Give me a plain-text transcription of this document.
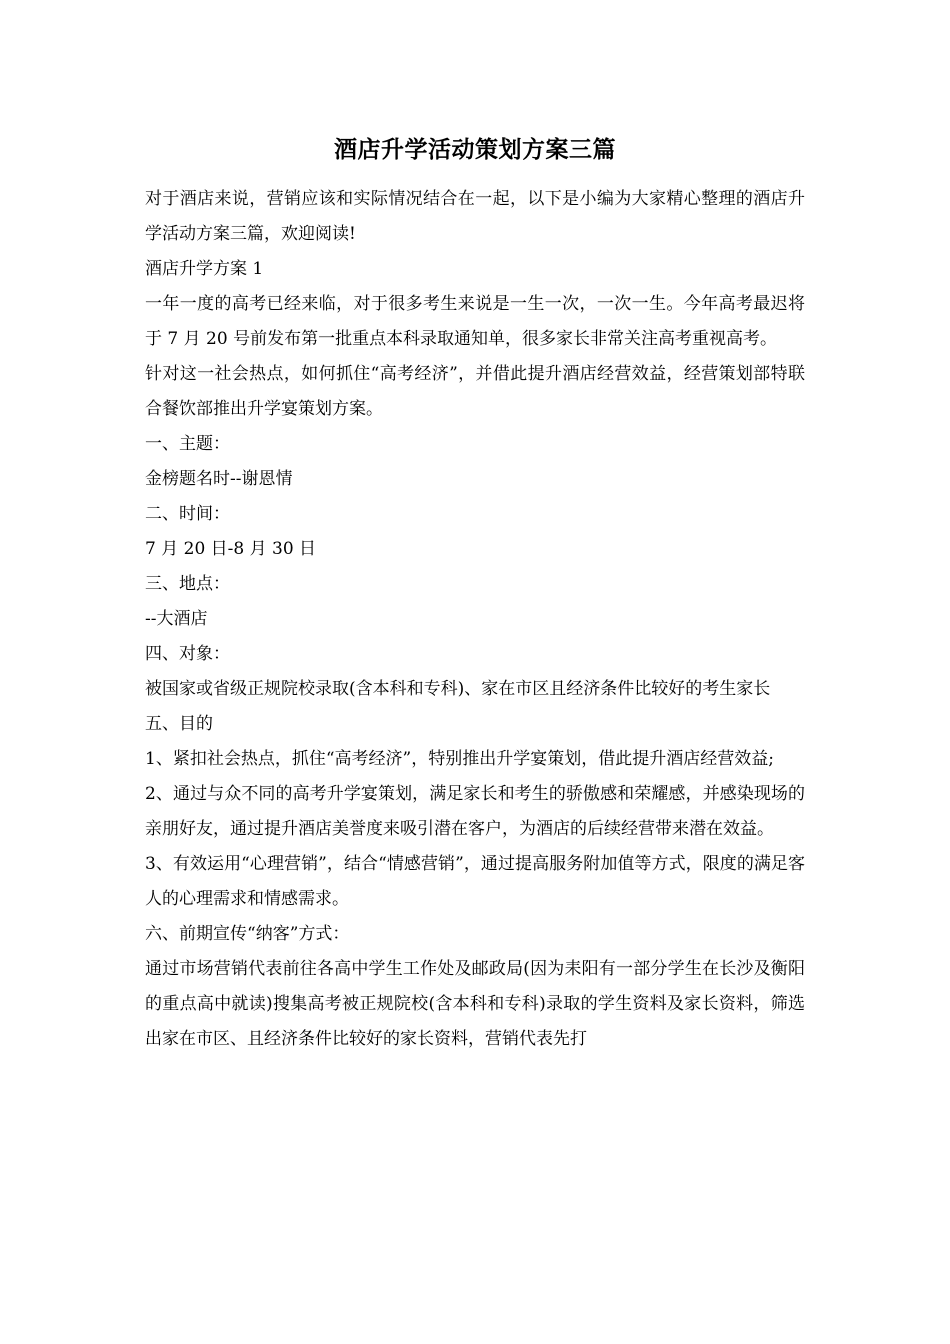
酒店升学活动策划方案三篇

对于酒店来说，营销应该和实际情况结合在一起，以下是小编为大家精心整理的酒店升学活动方案三篇，欢迎阅读!

酒店升学方案 1

一年一度的高考已经来临，对于很多考生来说是一生一次，一次一生。今年高考最迟将于 7 月 20 号前发布第一批重点本科录取通知单，很多家长非常关注高考重视高考。

针对这一社会热点，如何抓住“高考经济”，并借此提升酒店经营效益，经营策划部特联合餐饮部推出升学宴策划方案。

一、主题：

金榜题名时--谢恩情

二、时间：

7 月 20 日-8 月 30 日

三、地点：

--大酒店

四、对象：

被国家或省级正规院校录取(含本科和专科)、家在市区且经济条件比较好的考生家长

五、目的

1、紧扣社会热点，抓住“高考经济”，特别推出升学宴策划，借此提升酒店经营效益;

2、通过与众不同的高考升学宴策划，满足家长和考生的骄傲感和荣耀感，并感染现场的亲朋好友，通过提升酒店美誉度来吸引潜在客户，为酒店的后续经营带来潜在效益。

3、有效运用“心理营销”，结合“情感营销”，通过提高服务附加值等方式，限度的满足客人的心理需求和情感需求。

六、前期宣传“纳客”方式：

通过市场营销代表前往各高中学生工作处及邮政局(因为耒阳有一部分学生在长沙及衡阳的重点高中就读)搜集高考被正规院校(含本科和专科)录取的学生资料及家长资料，筛选出家在市区、且经济条件比较好的家长资料，营销代表先打
